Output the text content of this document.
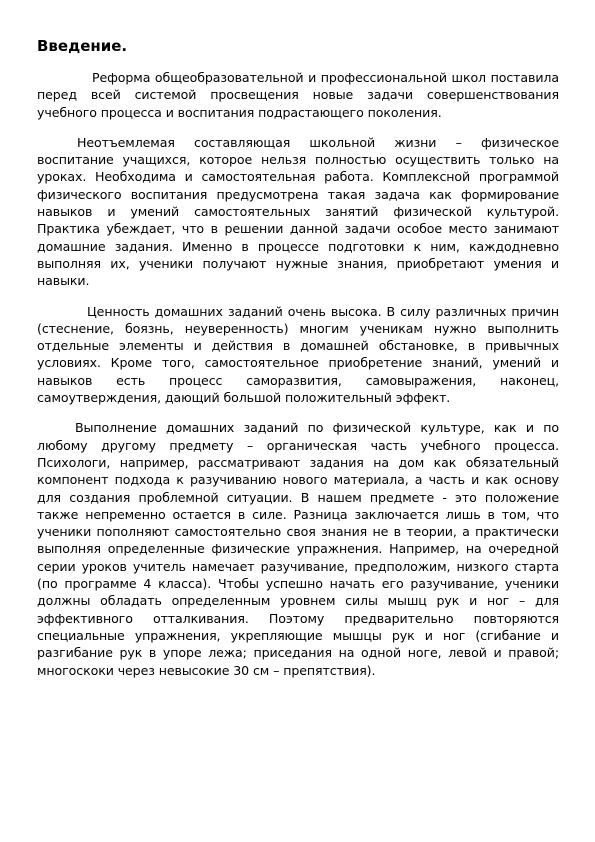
Введение.

Реформа общеобразовательной и профессиональной школ поставила перед всей системой просвещения новые задачи совершенствования учебного процесса и воспитания подрастающего поколения.

Неотъемлемая составляющая школьной жизни – физическое воспитание учащихся, которое нельзя полностью осуществить только на уроках. Необходима и самостоятельная работа. Комплексной программой физического воспитания предусмотрена такая задача как формирование навыков и умений самостоятельных занятий физической культурой. Практика убеждает, что в решении данной задачи особое место занимают домашние задания. Именно в процессе подготовки к ним, каждодневно выполняя их, ученики получают нужные знания, приобретают умения и навыки.

Ценность домашних заданий очень высока. В силу различных причин (стеснение, боязнь, неуверенность) многим ученикам нужно выполнить отдельные элементы и действия в домашней обстановке, в привычных условиях. Кроме того, самостоятельное приобретение знаний, умений и навыков есть процесс саморазвития, самовыражения, наконец, самоутверждения, дающий большой положительный эффект.

Выполнение домашних заданий по физической культуре, как и по любому другому предмету – органическая часть учебного процесса. Психологи, например, рассматривают задания на дом как обязательный компонент подхода к разучиванию нового материала, а часть и как основу для создания проблемной ситуации. В нашем предмете - это положение также непременно остается в силе. Разница заключается лишь в том, что ученики пополняют самостоятельно своя знания не в теории, а практически выполняя определенные физические упражнения. Например, на очередной серии уроков учитель намечает разучивание, предположим, низкого старта (по программе 4 класса). Чтобы успешно начать его разучивание, ученики должны обладать определенным уровнем силы мышц рук и ног – для эффективного отталкивания. Поэтому предварительно повторяются специальные упражнения, укрепляющие мышцы рук и ног (сгибание и разгибание рук в упоре лежа; приседания на одной ноге, левой и правой; многоскоки через невысокие 30 см – препятствия).
